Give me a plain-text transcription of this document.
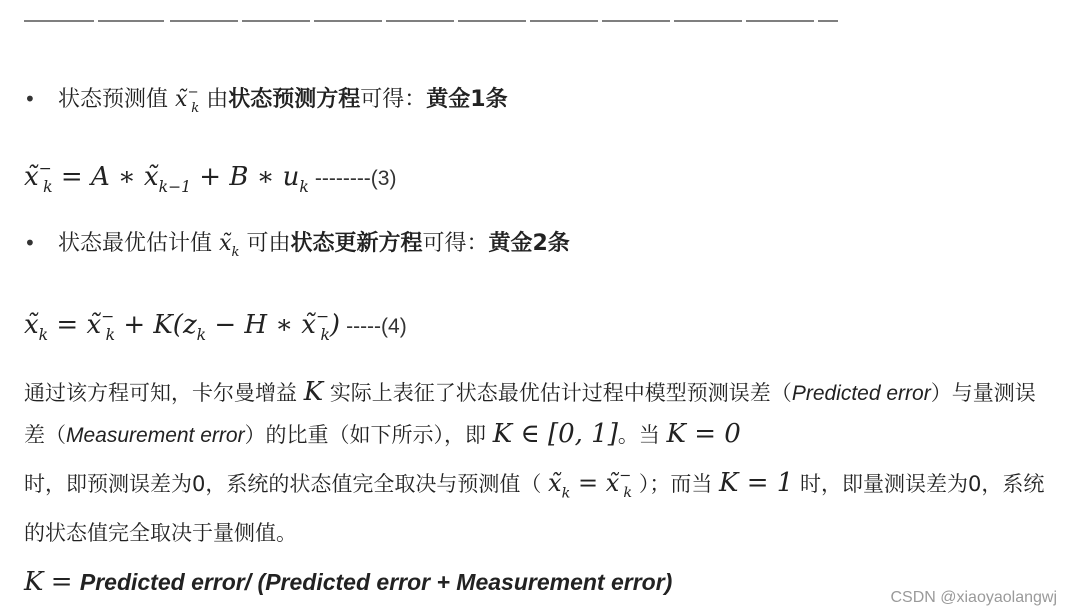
• 状态预测值 $x̃^-_k$ 由状态预测方程可得：黄金1条
$x̃^-_k = A$ ∗ $x̃_{k-1} + B$ ∗ $u_k$ --------(3)
• 状态最优估计值 $x̃_k$ 可由状态更新方程可得：黄金2条
$x̃_k$ = $x̃^-_k + K(z_k - H$ ∗ $x̃^-_k$) -----(4)
通过该方程可知，卡尔曼增益 K 实际上表征了状态最优估计过程中模型预测误差（Predicted error）与量测误差（Measurement error）的比重（如下所示），即 K ∈ [0, 1]。当 K = 0
时，即预测误差为0，系统的状态值完全取决与预测值（ $x̃_k$ = $x̃^-_k$ ）；而当 K = 1 时，即量测误差为0，系统的状态值完全取决于量侧值。
K = Predicted error/ (Predicted error + Measurement error)
CSDN @xiaoyaolangwj
